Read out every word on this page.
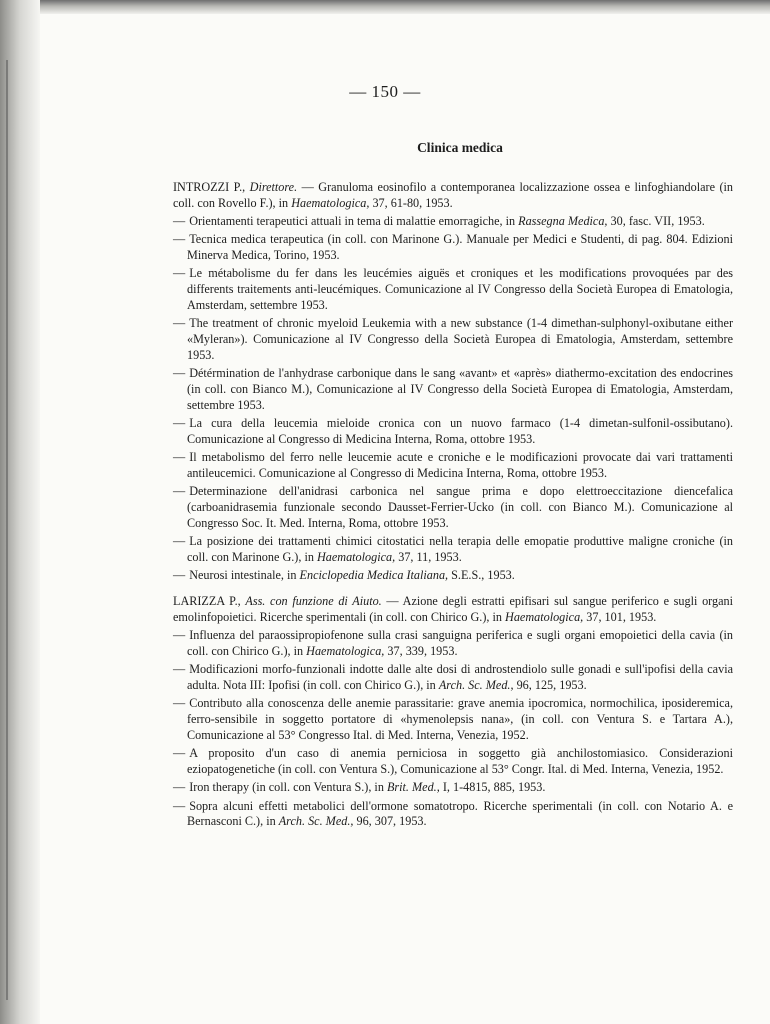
— 150 —
Clinica medica

INTROZZI P., Direttore. — Granuloma eosinofilo a contemporanea localizzazione ossea e linfoghiandolare (in coll. con Rovello F.), in Haematologica, 37, 61-80, 1953.

— Orientamenti terapeutici attuali in tema di malattie emorragiche, in Rassegna Medica, 30, fasc. VII, 1953.

— Tecnica medica terapeutica (in coll. con Marinone G.). Manuale per Medici e Studenti, di pag. 804. Edizioni Minerva Medica, Torino, 1953.

— Le métabolisme du fer dans les leucémies aiguës et croniques et les modifications provoquées par des differents traitements anti-leucémiques. Comunicazione al IV Congresso della Società Europea di Ematologia, Amsterdam, settembre 1953.

— The treatment of chronic myeloid Leukemia with a new substance (1-4 dimethan-sulphonyl-oxibutane either «Myleran»). Comunicazione al IV Congresso della Società Europea di Ematologia, Amsterdam, settembre 1953.

— Détérmination de l'anhydrase carbonique dans le sang «avant» et «après» diathermo-excitation des endocrines (in coll. con Bianco M.), Comunicazione al IV Congresso della Società Europea di Ematologia, Amsterdam, settembre 1953.

— La cura della leucemia mieloide cronica con un nuovo farmaco (1-4 dimetan-sulfonil-ossibutano). Comunicazione al Congresso di Medicina Interna, Roma, ottobre 1953.

— Il metabolismo del ferro nelle leucemie acute e croniche e le modificazioni provocate dai vari trattamenti antileucemici. Comunicazione al Congresso di Medicina Interna, Roma, ottobre 1953.

— Determinazione dell'anidrasi carbonica nel sangue prima e dopo elettroeccitazione diencefalica (carboanidrasemia funzionale secondo Dausset-Ferrier-Ucko (in coll. con Bianco M.). Comunicazione al Congresso Soc. It. Med. Interna, Roma, ottobre 1953.

— La posizione dei trattamenti chimici citostatici nella terapia delle emopatie produttive maligne croniche (in coll. con Marinone G.), in Haematologica, 37, 11, 1953.

— Neurosi intestinale, in Enciclopedia Medica Italiana, S.E.S., 1953.

LARIZZA P., Ass. con funzione di Aiuto. — Azione degli estratti epifisari sul sangue periferico e sugli organi emolinfopoietici. Ricerche sperimentali (in coll. con Chirico G.), in Haematologica, 37, 101, 1953.

— Influenza del paraossipropiofenone sulla crasi sanguigna periferica e sugli organi emopoietici della cavia (in coll. con Chirico G.), in Haematologica, 37, 339, 1953.

— Modificazioni morfo-funzionali indotte dalle alte dosi di androstendiolo sulle gonadi e sull'ipofisi della cavia adulta. Nota III: Ipofisi (in coll. con Chirico G.), in Arch. Sc. Med., 96, 125, 1953.

— Contributo alla conoscenza delle anemie parassitarie: grave anemia ipocromica, normochilica, iposideremica, ferro-sensibile in soggetto portatore di «hymenolepsis nana», (in coll. con Ventura S. e Tartara A.), Comunicazione al 53° Congresso Ital. di Med. Interna, Venezia, 1952.

— A proposito d'un caso di anemia perniciosa in soggetto già anchilostomiasico. Considerazioni eziopatogenetiche (in coll. con Ventura S.), Comunicazione al 53° Congr. Ital. di Med. Interna, Venezia, 1952.

— Iron therapy (in coll. con Ventura S.), in Brit. Med., I, 1-4815, 885, 1953.

— Sopra alcuni effetti metabolici dell'ormone somatotropo. Ricerche sperimentali (in coll. con Notario A. e Bernasconi C.), in Arch. Sc. Med., 96, 307, 1953.
